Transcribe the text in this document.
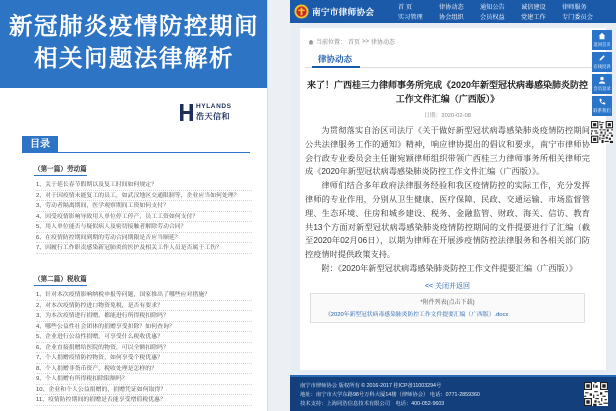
新冠肺炎疫情防控期间
相关问题法律解析
HYLANDS
浩天信和
目录
（第一篇）劳动篇
1、关于延长春节假期以及复工时间如何规定？
2、对于因疫情未能复工的员工，如武汉地区交通限制等，企业应当如何处理？
3、劳动者隔离期间，医学观察期间工资如何支付？
4、因受疫情影响导致用人单位停工停产，员工工资如何支付？
5、用人单位能否与疑似病人及密切接触者解除劳动合同？
6、在疫情防控期间到期的劳动合同期限是否应当顺延？
7、因履行工作职责感染新冠肺炎的医护及相关工作人员是否属于工伤？
（第二篇）税收篇
1、针对本次疫情影响纳税申报等问题，国家推出了哪些应对措施？
2、对本次疫情防控进口物资免税，是否有要求？
3、为本次疫情进行捐赠，都能进行所得税扣除吗？
4、哪些公益性社会团体的捐赠享受扣除？如何查询？
5、企业进行公益性捐赠，可享受什么税收优惠？
6、企业直接捐赠给医院的物资，可以全额扣除吗？
7、个人捐赠疫情防控物资，如何享受个税优惠？
8、个人捐赠非货币资产，税收处理是怎样的？
9、个人捐赠有所得税扣除限额吗？
10、企业和个人公益捐赠的，捐赠凭证如何取得？
11、疫情防控期间的捐赠是否能享受增值税优惠？
南宁市律师协会	首 页	律协动态	通知公告	诚信建设	律师服务
实习管理	协会组织	会员权益	党建工作	专门委员会
当前位置： 首页 >> 律协动态
律协动态
来了！广西桂三力律师事务所完成《2020年新型冠状病毒感染肺炎防控工作文件汇编（广西版）》
日期：2020-02-08

为贯彻落实自治区司法厅《关于做好新型冠状病毒感染肺炎疫情防控期间公共法律服务工作的通知》精神，响应律协提出的倡议和要求，南宁市律师协会行政专业委员会主任谢宛颖律师组织带领广西桂三力律师事务所相关律师完成《2020年新型冠状病毒感染肺炎防控工作文件汇编（广西版）》。

律师们结合多年政府法律服务经验和我区疫情防控的实际工作，充分发挥律师的专业作用，分别从卫生健康、医疗保障、民政、交通运输、市场监督管理、生态环境、住房和城乡建设、税务、金融监管、财政、海关、信访、教育共13个方面对新型冠状病毒感染肺炎疫情防控期间的文件提要进行了汇编（截至2020年02月06日），以期为律师在开展涉疫情防控法律服务和各相关部门防控疫情时提供政策支持。

附：《2020年新型冠状病毒感染肺炎防控工作文件提要汇编（广西版）》

<< 关闭并返回
*附件列表(点击下载)
《2020年新型冠状病毒感染肺炎防控工作文件提要汇编（广西版）.docx
返回首页
在线投诉
会员登录
联系我们
南宁市律师协会 版权所有 © 2016-2017 桂ICP备11003294号
地址：南宁市大学东路98号万科大厦14楼（律师协会） 电话：0771-2859360
技术支持：上海同浩信息技术有限公司　电话：400-052-9603
